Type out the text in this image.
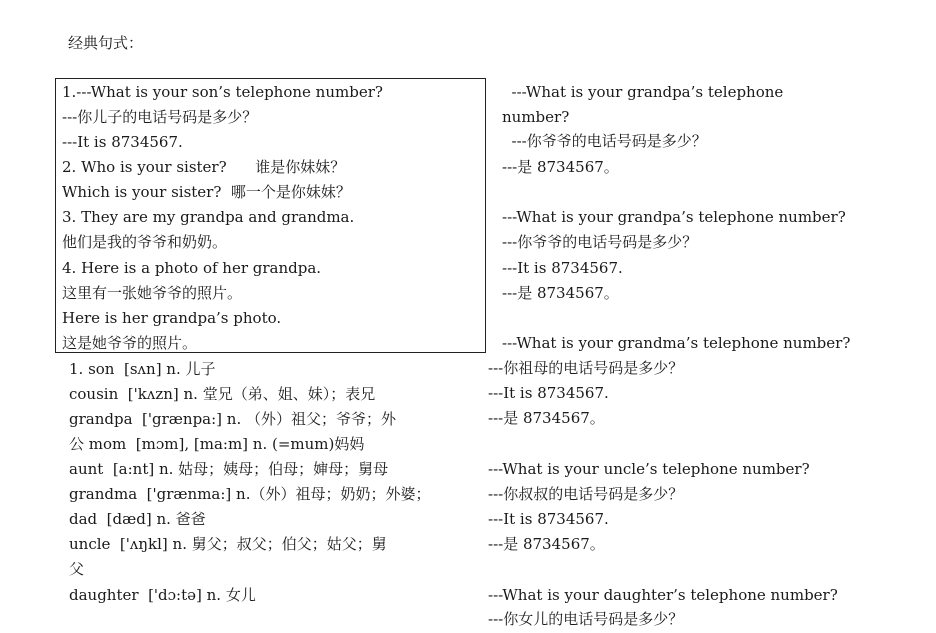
经典句式：
1.---What is your son’s telephone number?
---你儿子的电话号码是多少？
---It is 8734567.
2. Who is your sister?      谁是你妹妹？
Which is your sister?  哪一个是你妹妹？
3. They are my grandpa and grandma.
他们是我的爷爷和奶奶。
4. Here is a photo of her grandpa.
这里有一张她爷爷的照片。
Here is her grandpa’s photo.
这是她爷爷的照片。
1. son  [sʌn] n. 儿子
cousin  ['kʌzn] n. 堂兄（弟、姐、妹）；表兄
grandpa  ['grænpa:] n. （外）祖父；爷爷；外
公 mom  [mɔm], [ma:m] n. (=mum)妈妈
aunt  [a:nt] n. 姑母；姨母；伯母；婶母；舅母
grandma  ['grænma:] n.（外）祖母；奶奶；外婆；
dad  [dæd] n. 爸爸
uncle  ['ʌŋkl] n. 舅父；叔父；伯父；姑父；舅
父
daughter  ['dɔ:tə] n. 女儿
---What is your grandpa’s telephone
number?
---你爷爷的电话号码是多少？
---是 8734567。
---What is your grandpa’s telephone number?
---你爷爷的电话号码是多少？
---It is 8734567.
---是 8734567。
---What is your grandma’s telephone number?
---你祖母的电话号码是多少？
---It is 8734567.
---是 8734567。
---What is your uncle’s telephone number?
---你叔叔的电话号码是多少？
---It is 8734567.
---是 8734567。
---What is your daughter’s telephone number?
---你女儿的电话号码是多少？
